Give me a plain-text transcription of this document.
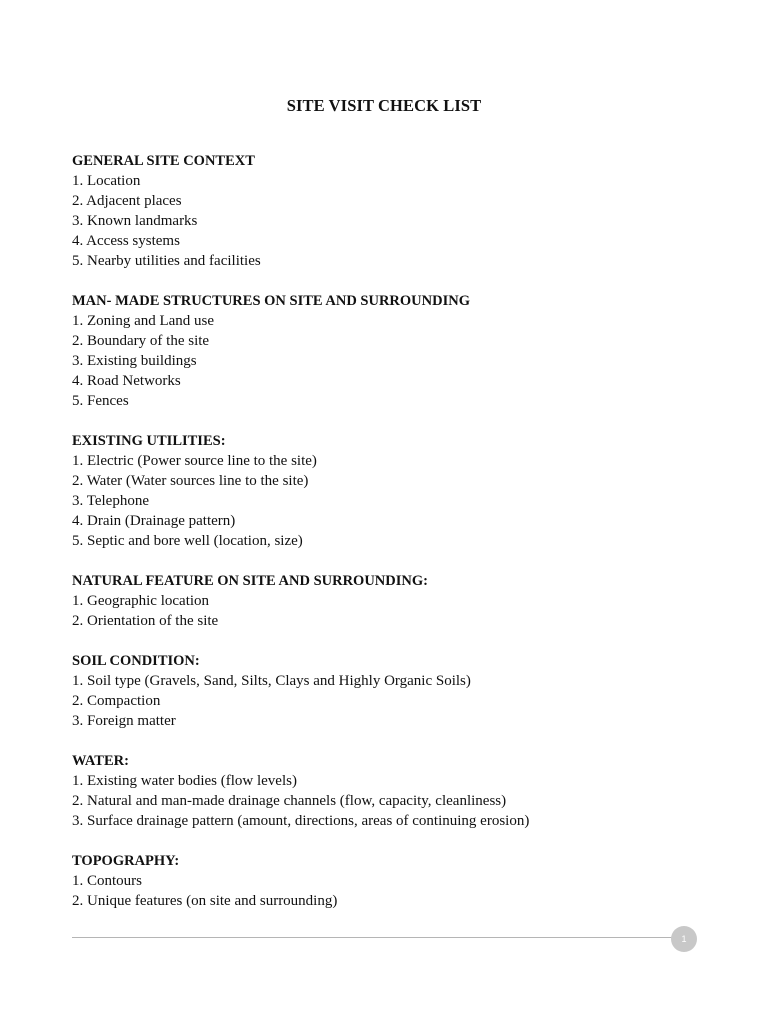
SITE VISIT CHECK LIST
GENERAL SITE CONTEXT
1. Location
2. Adjacent places
3. Known landmarks
4. Access systems
5. Nearby utilities and facilities
MAN- MADE STRUCTURES ON SITE AND SURROUNDING
1. Zoning and Land use
2. Boundary of the site
3. Existing buildings
4. Road Networks
5. Fences
EXISTING UTILITIES:
1. Electric (Power source line to the site)
2. Water (Water sources line to the site)
3. Telephone
4. Drain (Drainage pattern)
5. Septic and bore well (location, size)
NATURAL FEATURE ON SITE AND SURROUNDING:
1. Geographic location
2. Orientation of the site
SOIL CONDITION:
1. Soil type (Gravels, Sand, Silts, Clays and Highly Organic Soils)
2. Compaction
3. Foreign matter
WATER:
1. Existing water bodies (flow levels)
2. Natural and man-made drainage channels (flow, capacity, cleanliness)
3. Surface drainage pattern (amount, directions, areas of continuing erosion)
TOPOGRAPHY:
1. Contours
2. Unique features (on site and surrounding)
1
